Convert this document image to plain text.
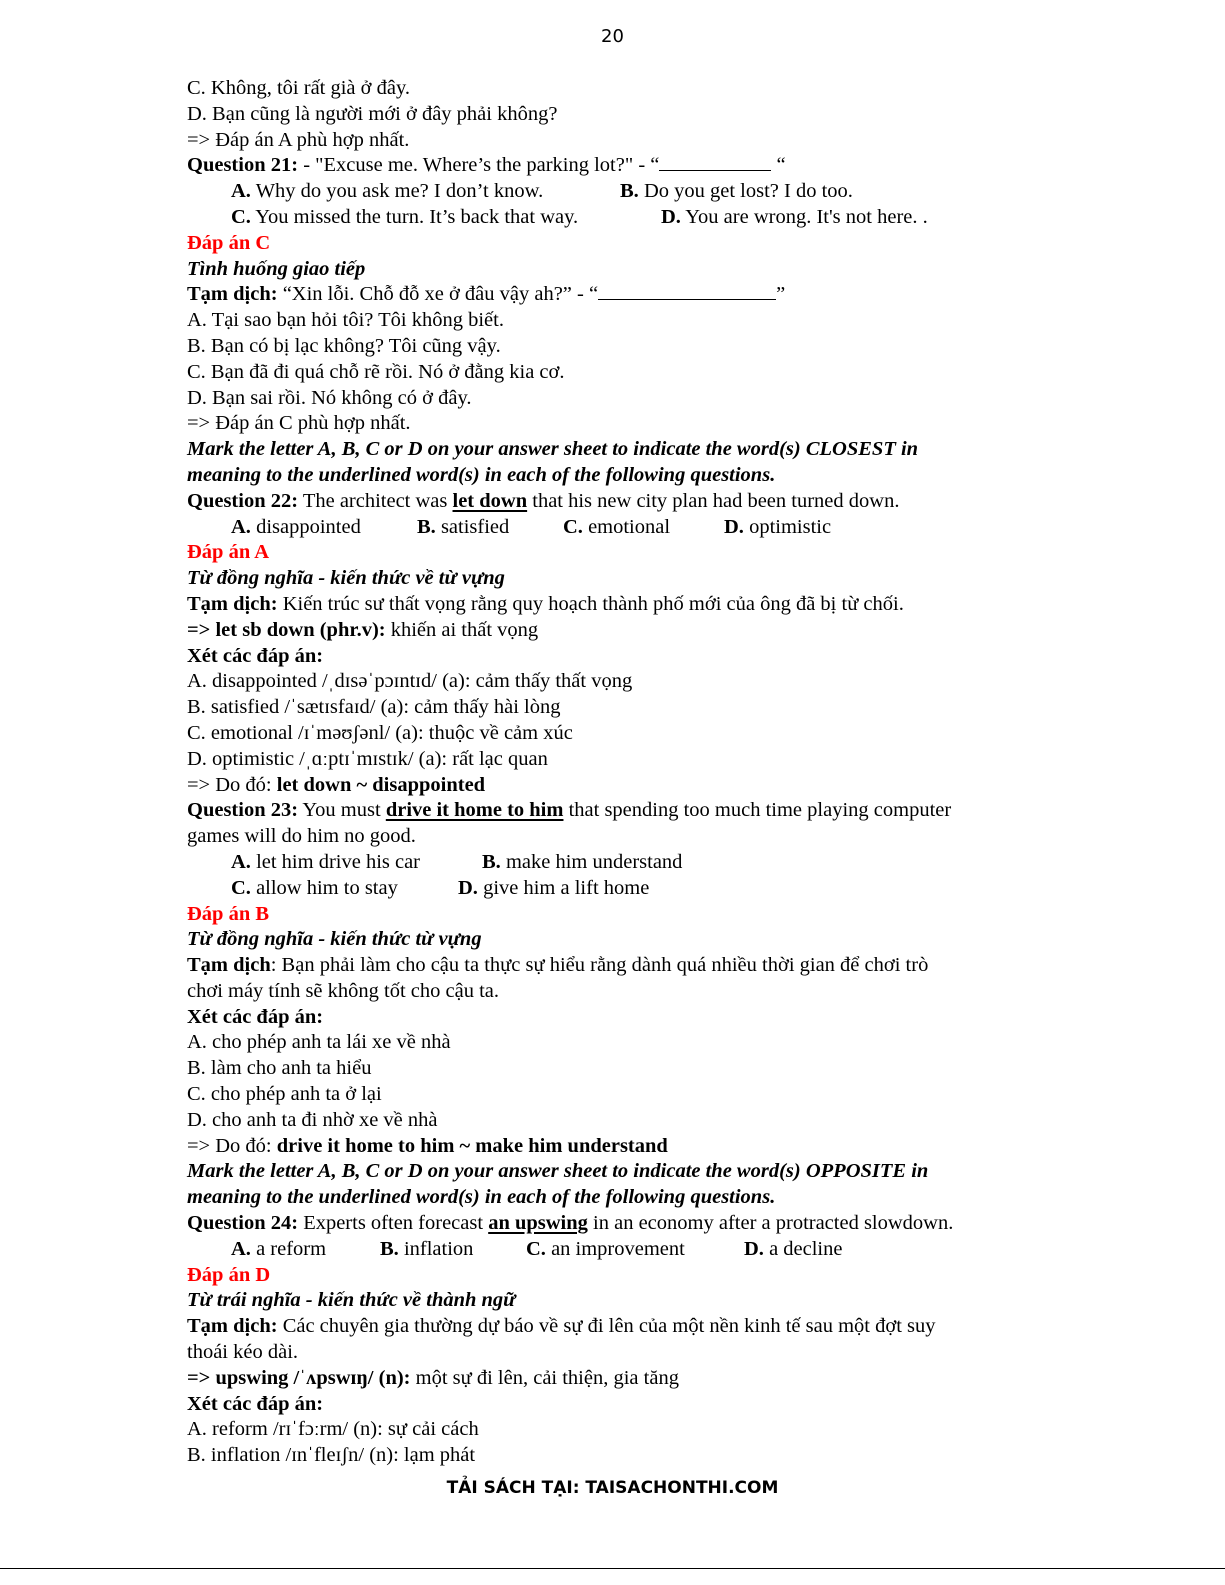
20
C. Không, tôi rất già ở đây.
D. Bạn cũng là người mới ở đây phải không?
=> Đáp án A phù hợp nhất.
Question 21: - "Excuse me. Where’s the parking lot?" - “	“
A. Why do you ask me? I don’t know.	B. Do you get lost? I do too.
C. You missed the turn. It’s back that way.	D. You are wrong. It's not here. .
Đáp án C
Tình huống giao tiếp
Tạm dịch: “Xin lỗi. Chỗ đỗ xe ở đâu vậy ah?” - “	”
A. Tại sao bạn hỏi tôi? Tôi không biết.
B. Bạn có bị lạc không? Tôi cũng vậy.
C. Bạn đã đi quá chỗ rẽ rồi. Nó ở đằng kia cơ.
D. Bạn sai rồi. Nó không có ở đây.
=> Đáp án C phù hợp nhất.
Mark the letter A, B, C or D on your answer sheet to indicate the word(s) CLOSEST in
meaning to the underlined word(s) in each of the following questions.
Question 22: The architect was let down that his new city plan had been turned down.
A. disappointed	B. satisfied	C. emotional	D. optimistic
Đáp án A
Từ đồng nghĩa - kiến thức về từ vựng
Tạm dịch: Kiến trúc sư thất vọng rằng quy hoạch thành phố mới của ông đã bị từ chối.
=> let sb down (phr.v): khiến ai thất vọng
Xét các đáp án:
A. disappointed /ˌdɪsəˈpɔɪntɪd/ (a): cảm thấy thất vọng
B. satisfied /ˈsætɪsfaɪd/ (a): cảm thấy hài lòng
C. emotional /ɪˈməʊʃənl/ (a): thuộc về cảm xúc
D. optimistic /ˌɑːptɪˈmɪstɪk/ (a): rất lạc quan
=> Do đó: let down ~ disappointed
Question 23: You must drive it home to him that spending too much time playing computer
games will do him no good.
A. let him drive his car	B. make him understand
C. allow him to stay	D. give him a lift home
Đáp án B
Từ đồng nghĩa - kiến thức từ vựng
Tạm dịch: Bạn phải làm cho cậu ta thực sự hiểu rằng dành quá nhiều thời gian để chơi trò
chơi máy tính sẽ không tốt cho cậu ta.
Xét các đáp án:
A. cho phép anh ta lái xe về nhà
B. làm cho anh ta hiểu
C. cho phép anh ta ở lại
D. cho anh ta đi nhờ xe về nhà
=> Do đó: drive it home to him ~ make him understand
Mark the letter A, B, C or D on your answer sheet to indicate the word(s) OPPOSITE in
meaning to the underlined word(s) in each of the following questions.
Question 24: Experts often forecast an upswing in an economy after a protracted slowdown.
A. a reform	B. inflation	C. an improvement	D. a decline
Đáp án D
Từ trái nghĩa - kiến thức về thành ngữ
Tạm dịch: Các chuyên gia thường dự báo về sự đi lên của một nền kinh tế sau một đợt suy
thoái kéo dài.
=> upswing /ˈʌpswɪŋ/ (n): một sự đi lên, cải thiện, gia tăng
Xét các đáp án:
A. reform /rɪˈfɔːrm/ (n): sự cải cách
B. inflation /ɪnˈfleɪʃn/ (n): lạm phát
TẢI SÁCH TẠI: TAISACHONTHI.COM
